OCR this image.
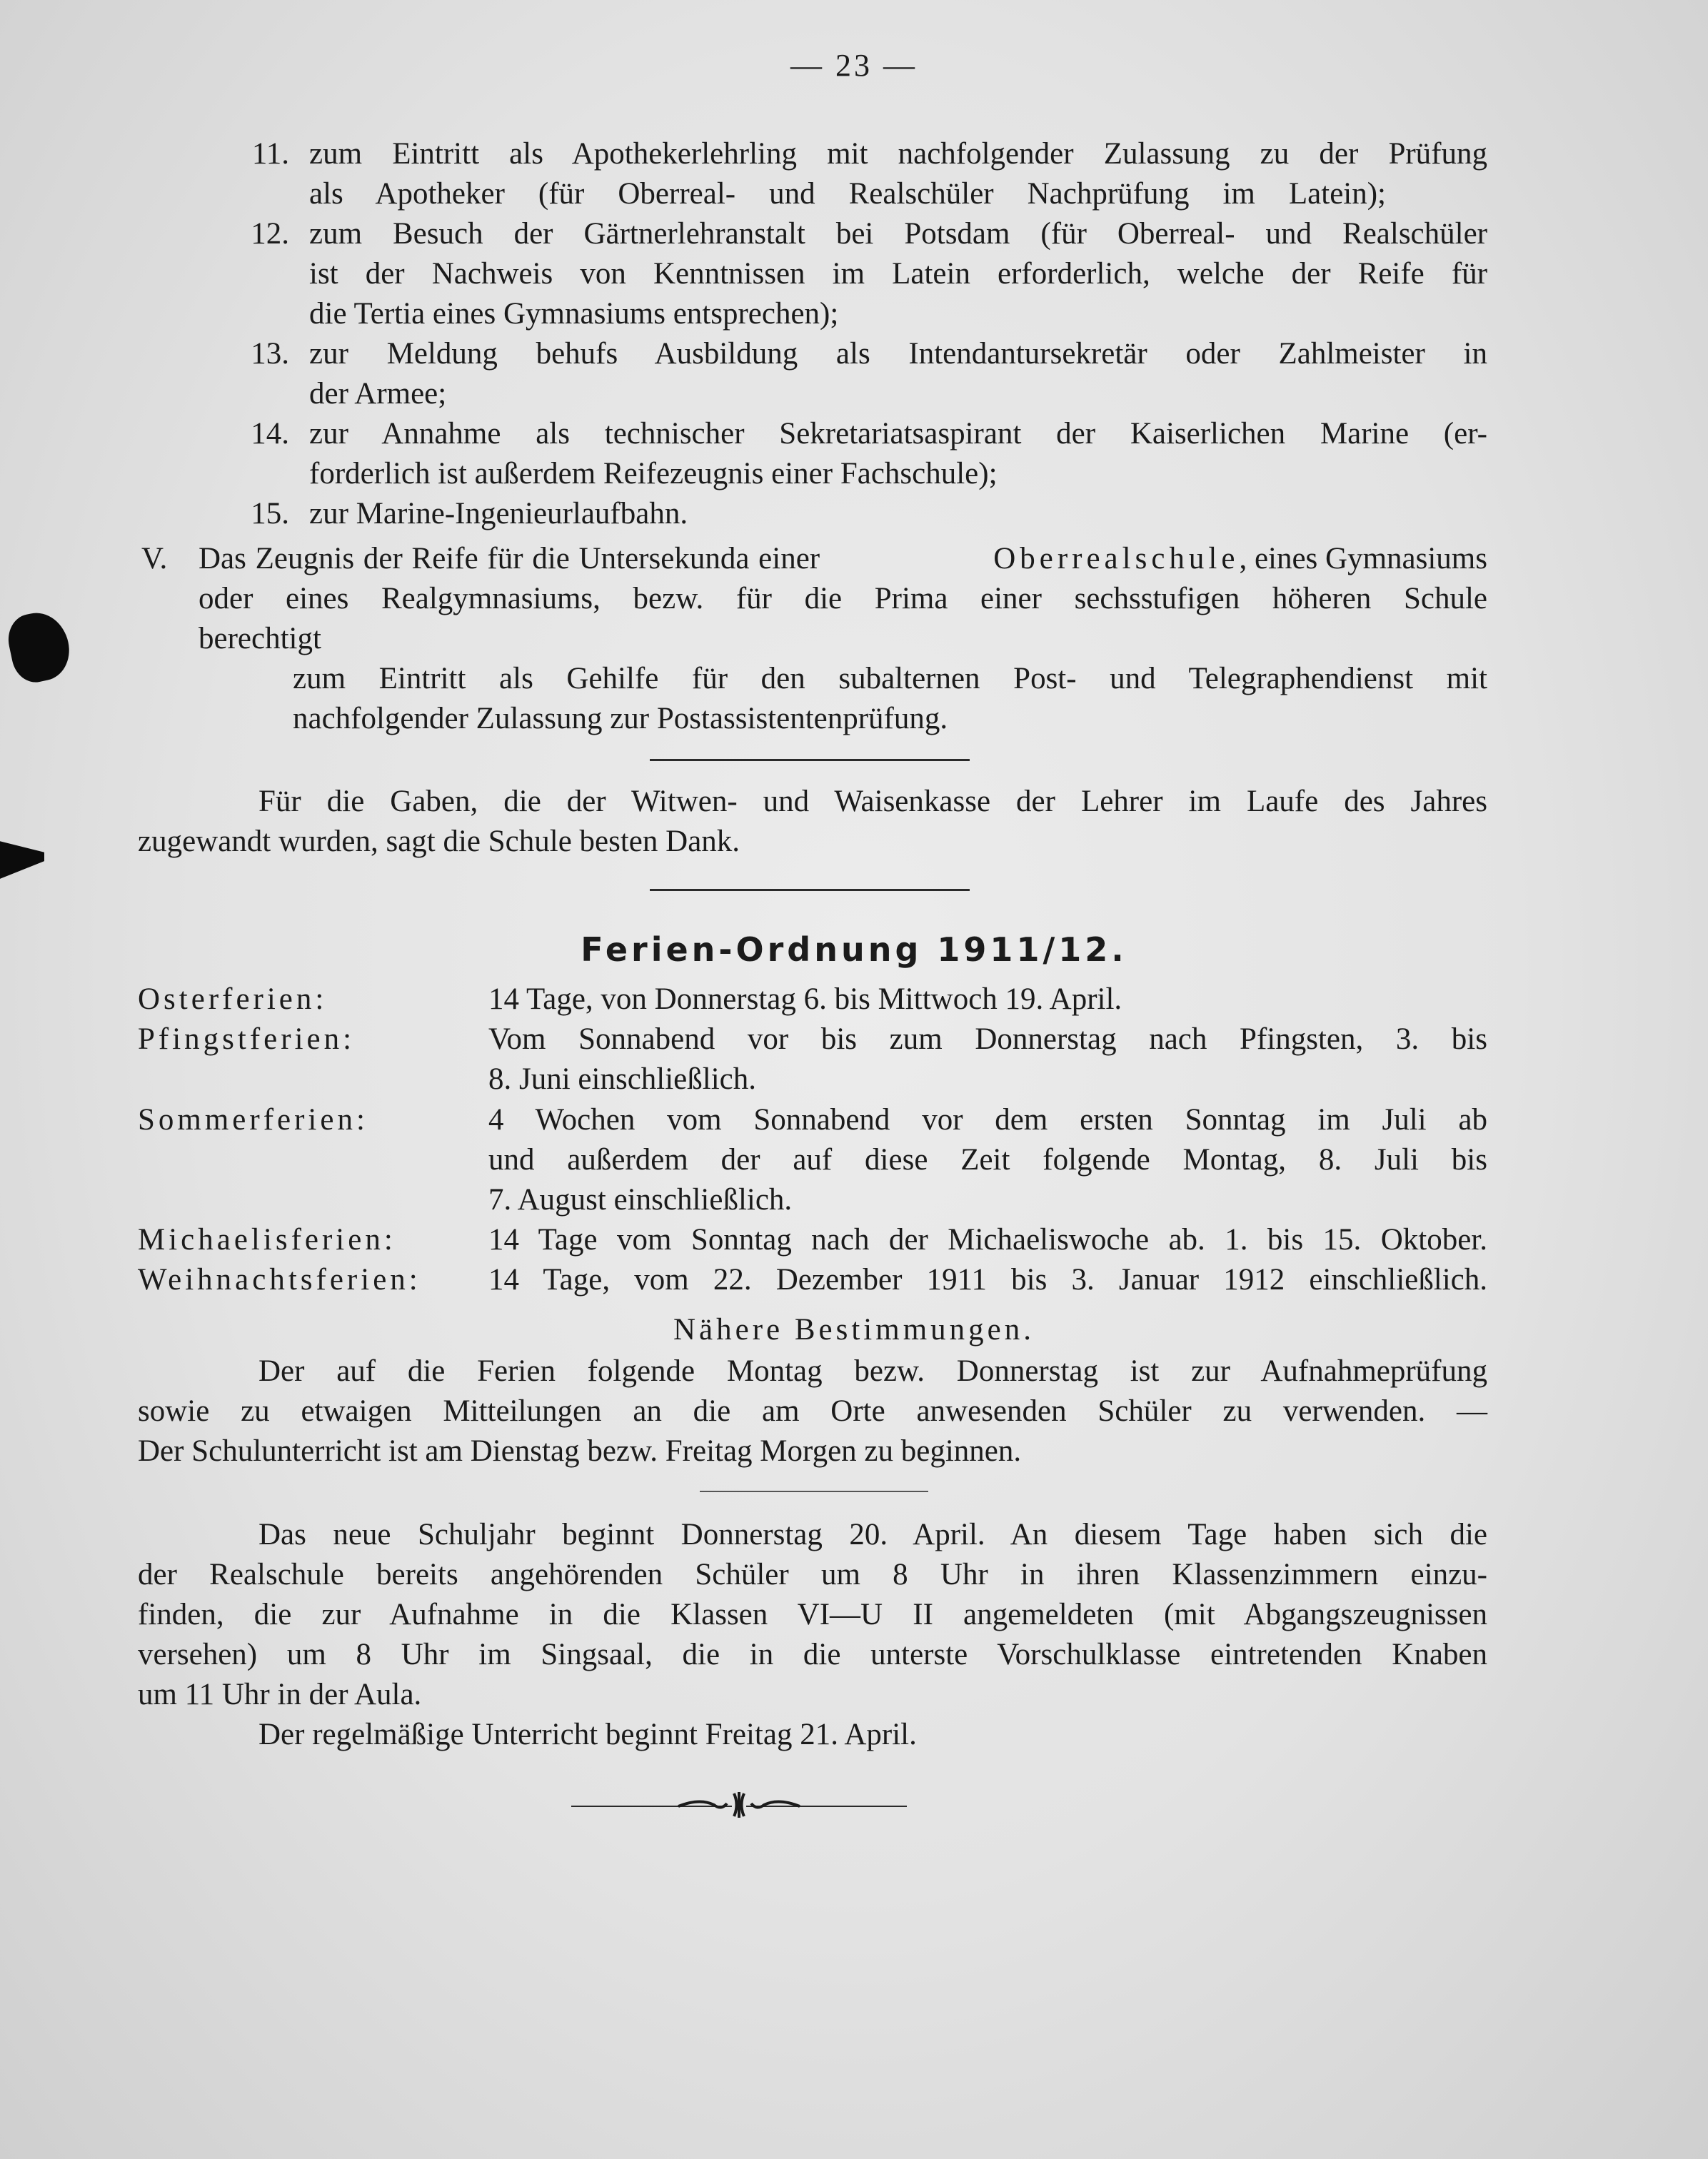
— 23 —
11. zum Eintritt als Apothekerlehrling mit nachfolgender Zulassung zu der Prüfung
als Apotheker (für Oberreal- und Realschüler Nachprüfung im Latein);
12. zum Besuch der Gärtnerlehranstalt bei Potsdam (für Oberreal- und Realschüler
ist der Nachweis von Kenntnissen im Latein erforderlich, welche der Reife für
die Tertia eines Gymnasiums entsprechen);
13. zur Meldung behufs Ausbildung als Intendantursekretär oder Zahlmeister in
der Armee;
14. zur Annahme als technischer Sekretariatsaspirant der Kaiserlichen Marine (er-
forderlich ist außerdem Reifezeugnis einer Fachschule);
15. zur Marine-Ingenieurlaufbahn.
V. Das Zeugnis der Reife für die Untersekunda einer	Oberrealschule, eines Gymnasiums
oder eines Realgymnasiums, bezw. für die Prima einer sechsstufigen höheren Schule
berechtigt
zum Eintritt als Gehilfe für den subalternen Post- und Telegraphendienst mit
nachfolgender Zulassung zur Postassistentenprüfung.
Für die Gaben, die der Witwen- und Waisenkasse der Lehrer im Laufe des Jahres
zugewandt wurden, sagt die Schule besten Dank.
Ferien-Ordnung 1911/12.
Osterferien:	14 Tage, von Donnerstag 6. bis Mittwoch 19. April.
Pfingstferien:	Vom Sonnabend vor bis zum Donnerstag nach Pfingsten, 3. bis
8. Juni einschließlich.
Sommerferien:	4 Wochen vom Sonnabend vor dem ersten Sonntag im Juli ab
und außerdem der auf diese Zeit folgende Montag, 8. Juli bis
7. August einschließlich.
Michaelisferien:	14 Tage vom Sonntag nach der Michaeliswoche ab. 1. bis 15. Oktober.
Weihnachtsferien: 14 Tage, vom 22. Dezember 1911 bis 3. Januar 1912 einschließlich.
Nähere Bestimmungen.
Der auf die Ferien folgende Montag bezw. Donnerstag ist zur Aufnahmeprüfung
sowie zu etwaigen Mitteilungen an die am Orte anwesenden Schüler zu verwenden. —
Der Schulunterricht ist am Dienstag bezw. Freitag Morgen zu beginnen.
Das neue Schuljahr beginnt Donnerstag 20. April. An diesem Tage haben sich die
der Realschule bereits angehörenden Schüler um 8 Uhr in ihren Klassenzimmern einzu-
finden, die zur Aufnahme in die Klassen VI—U II angemeldeten (mit Abgangszeugnissen
versehen) um 8 Uhr im Singsaal, die in die unterste Vorschulklasse eintretenden Knaben
um 11 Uhr in der Aula.
Der regelmäßige Unterricht beginnt Freitag 21. April.
